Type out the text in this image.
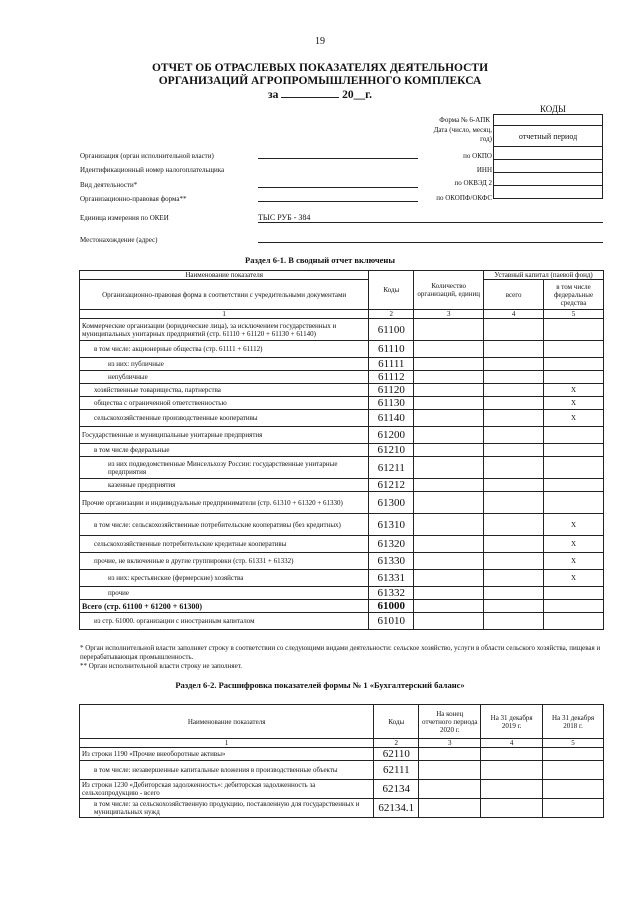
19
ОТЧЕТ ОБ ОТРАСЛЕВЫХ ПОКАЗАТЕЛЯХ ДЕЯТЕЛЬНОСТИ
ОРГАНИЗАЦИЙ АГРОПРОМЫШЛЕННОГО КОМПЛЕКСА
за	20__г.
КОДЫ
Форма № 6-АПК
Дата (число, месяц,
год)
по ОКПО
ИНН
по ОКВЭД 2
по ОКОПФ/ОКФС
отчетный период
Организация (орган исполнительной власти)
Идентификационный номер налогоплательщика
Вид деятельности*
Организационно-правовая форма**
Единица измерения по ОКЕИ	ТЫС РУБ - 384
Местонахождение (адрес)
Раздел 6-1. В сводный отчет включены
Наименование показателя	Коды	Количество организаций, единиц	Уставный капитал (паевой фонд)	
Организационно-правовая форма в соответствии с учредительными документами			всего	в том числе федеральные средства
1	2	3	4	5
Коммерческие организации (юридические лица), за исключением государственных и муниципальных унитарных предприятий (стр. 61110 + 61120 + 61130 + 61140)	61100			
в том числе: акционерные общества (стр. 61111 + 61112)	61110			
из них: публичные	61111			
непубличные	61112			
хозяйственные товарищества, партнерства	61120			X
общества с ограниченной ответственностью	61130			X
сельскохозяйственные производственные кооперативы	61140			X
Государственные и муниципальные унитарные предприятия	61200			
в том числе федеральные	61210			
из них подведомственные Минсельхозу России: государственные унитарные предприятия	61211			
казенные предприятия	61212			
Прочие организации и индивидуальные предприниматели (стр. 61310 + 61320 + 61330)	61300			
в том числе: сельскохозяйственные потребительские кооперативы (без кредитных)	61310			X
сельскохозяйственные потребительские кредитные кооперативы	61320			X
прочие, не включенные в другие группировки (стр. 61331 + 61332)	61330			X
из них: крестьянские (фермерские) хозяйства	61331			X
прочие	61332			
Всего (стр. 61100 + 61200 + 61300)	61000			
из стр. 61000. организации с иностранным капиталом	61010			
* Орган исполнительной власти заполняет строку в соответствии со следующими видами деятельности: сельское хозяйство, услуги в области сельского хозяйства, пищевая и перерабатывающая промышленность.
** Орган исполнительной власти строку не заполняет.
Раздел 6-2. Расшифровка показателей формы № 1 «Бухгалтерский баланс»
Наименование показателя	Коды	На конец отчетного периода 2020 г.	На 31 декабря 2019 г.	На 31 декабря 2018 г.
1	2	3	4	5
Из строки 1190 «Прочие внеоборотные активы»	62110			
в том числе: незавершенные капитальные вложения в производственные объекты	62111			
Из строки 1230 «Дебиторская задолженность»: дебиторская задолженность за сельхозпродукцию - всего	62134			
в том числе: за сельскохозяйственную продукцию, поставленную для государственных и муниципальных нужд	62134.1			
